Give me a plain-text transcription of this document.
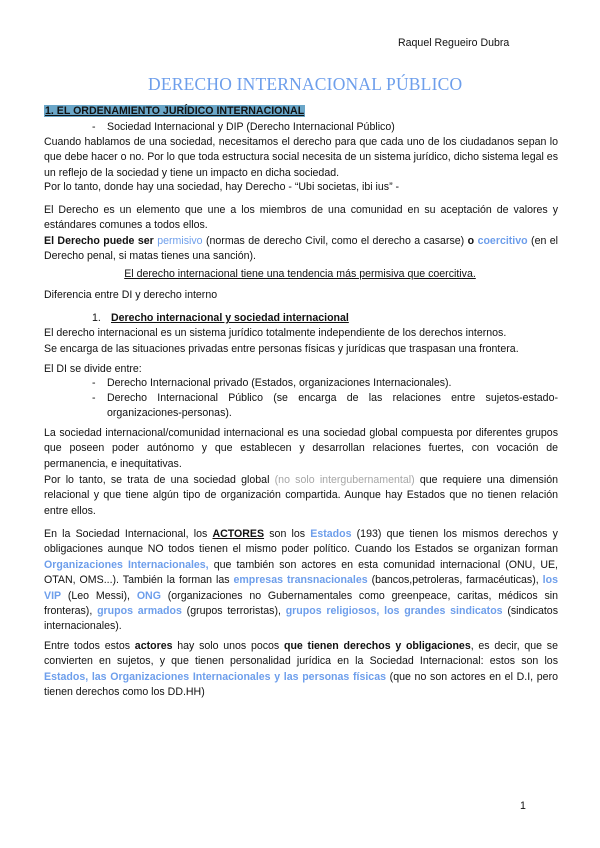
Raquel Regueiro Dubra
DERECHO INTERNACIONAL PÚBLICO
1. EL ORDENAMIENTO JURÍDICO INTERNACIONAL
- Sociedad Internacional y DIP (Derecho Internacional Público)

Cuando hablamos de una sociedad, necesitamos el derecho para que cada uno de los ciudadanos sepan lo que debe hacer o no. Por lo que toda estructura social necesita de un sistema jurídico, dicho sistema legal es un reflejo de la sociedad y tiene un impacto en dicha sociedad.

Por lo tanto, donde hay una sociedad, hay Derecho - “Ubi societas, ibi ius” -

El Derecho es un elemento que une a los miembros de una comunidad en su aceptación de valores y estándares comunes a todos ellos.

El Derecho puede ser permisivo (normas de derecho Civil, como el derecho a casarse) o coercitivo (en el Derecho penal, si matas tienes una sanción).

El derecho internacional tiene una tendencia más permisiva que coercitiva.

Diferencia entre DI y derecho interno

1. Derecho internacional y sociedad internacional

El derecho internacional es un sistema jurídico totalmente independiente de los derechos internos.

Se encarga de las situaciones privadas entre personas físicas y jurídicas que traspasan una frontera.

El DI se divide entre:

- Derecho Internacional privado (Estados, organizaciones Internacionales).
- Derecho Internacional Público (se encarga de las relaciones entre sujetos-estado-organizaciones-personas).

La sociedad internacional/comunidad internacional es una sociedad global compuesta por diferentes grupos que poseen poder autónomo y que establecen y desarrollan relaciones fuertes, con vocación de permanencia, e inequitativas.

Por lo tanto, se trata de una sociedad global (no solo intergubernamental) que requiere una dimensión relacional y que tiene algún tipo de organización compartida. Aunque hay Estados que no tienen relación entre ellos.

En la Sociedad Internacional, los ACTORES son los Estados (193) que tienen los mismos derechos y obligaciones aunque NO todos tienen el mismo poder político. Cuando los Estados se organizan forman Organizaciones Internacionales, que también son actores en esta comunidad internacional (ONU, UE, OTAN, OMS...). También la forman las empresas transnacionales (bancos,petroleras, farmacéuticas), los VIP (Leo Messi), ONG (organizaciones no Gubernamentales como greenpeace, caritas, médicos sin fronteras), grupos armados (grupos terroristas), grupos religiosos, los grandes sindicatos (sindicatos internacionales).

Entre todos estos actores hay solo unos pocos que tienen derechos y obligaciones, es decir, que se convierten en sujetos, y que tienen personalidad jurídica en la Sociedad Internacional: estos son los Estados, las Organizaciones Internacionales y las personas físicas (que no son actores en el D.I, pero tienen derechos como los DD.HH)

1
